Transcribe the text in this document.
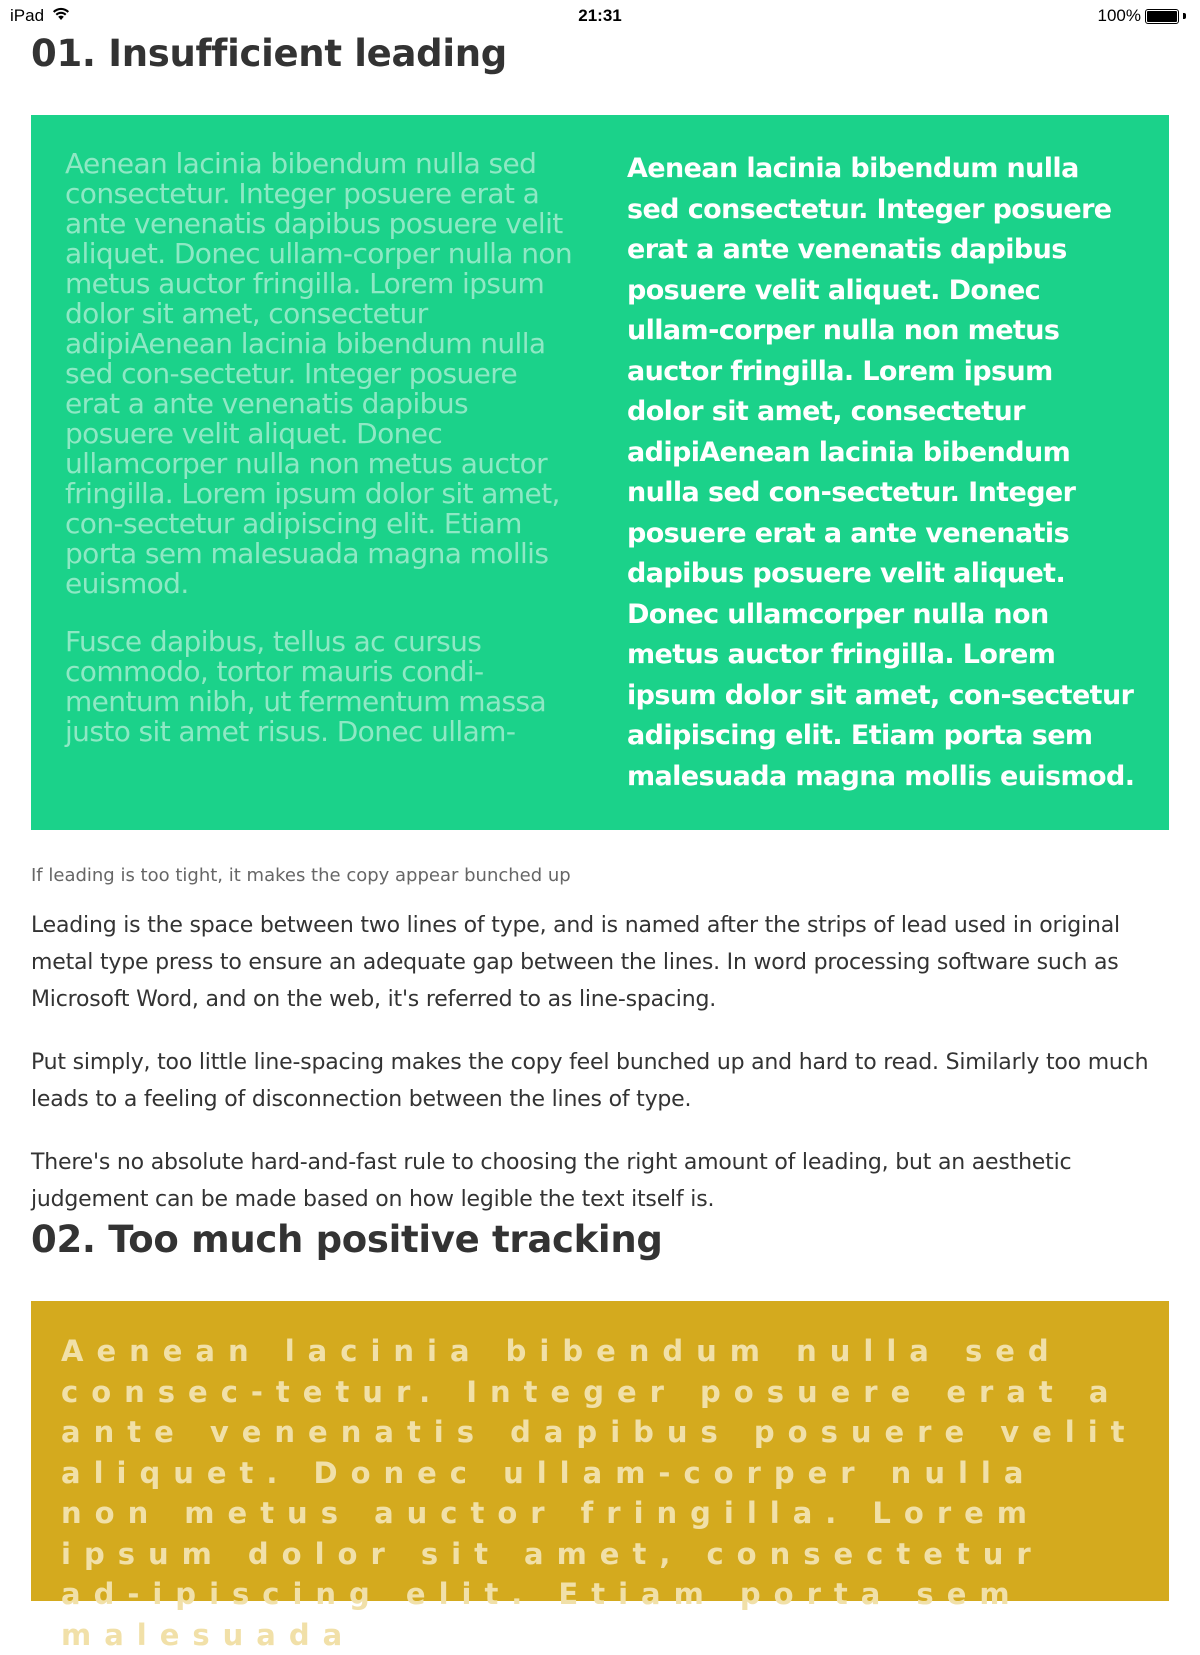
iPad	21:31	100%
01. Insufficient leading

Aenean lacinia bibendum nulla sed consectetur. Integer posuere erat a ante venenatis dapibus posuere velit aliquet. Donec ullam-corper nulla non metus auctor fringilla. Lorem ipsum dolor sit amet, consectetur adipiAenean lacinia bibendum nulla sed con-sectetur. Integer posuere erat a ante venenatis dapibus posuere velit aliquet. Donec ullamcorper nulla non metus auctor fringilla. Lorem ipsum dolor sit amet, con-sectetur adipiscing elit. Etiam porta sem malesuada magna mollis euismod.

Fusce dapibus, tellus ac cursus commodo, tortor mauris condi-mentum nibh, ut fermentum massa justo sit amet risus. Donec ullam-

Aenean lacinia bibendum nulla sed consectetur. Integer posuere erat a ante venenatis dapibus posuere velit aliquet. Donec ullam-corper nulla non metus auctor fringilla. Lorem ipsum dolor sit amet, consectetur adipiAenean lacinia bibendum nulla sed con-sectetur. Integer posuere erat a ante venenatis dapibus posuere velit aliquet. Donec ullamcorper nulla non metus auctor fringilla. Lorem ipsum dolor sit amet, con-sectetur adipiscing elit. Etiam porta sem malesuada magna mollis euismod.

If leading is too tight, it makes the copy appear bunched up

Leading is the space between two lines of type, and is named after the strips of lead used in original metal type press to ensure an adequate gap between the lines. In word processing software such as Microsoft Word, and on the web, it's referred to as line-spacing.

Put simply, too little line-spacing makes the copy feel bunched up and hard to read. Similarly too much leads to a feeling of disconnection between the lines of type.

There's no absolute hard-and-fast rule to choosing the right amount of leading, but an aesthetic judgement can be made based on how legible the text itself is.

02. Too much positive tracking

Aenean lacinia bibendum nulla sed consec-tetur. Integer posuere erat a ante venenatis dapibus posuere velit aliquet. Donec ullam-corper nulla non metus auctor fringilla. Lorem ipsum dolor sit amet, consectetur ad-ipiscing elit. Etiam porta sem malesuada
